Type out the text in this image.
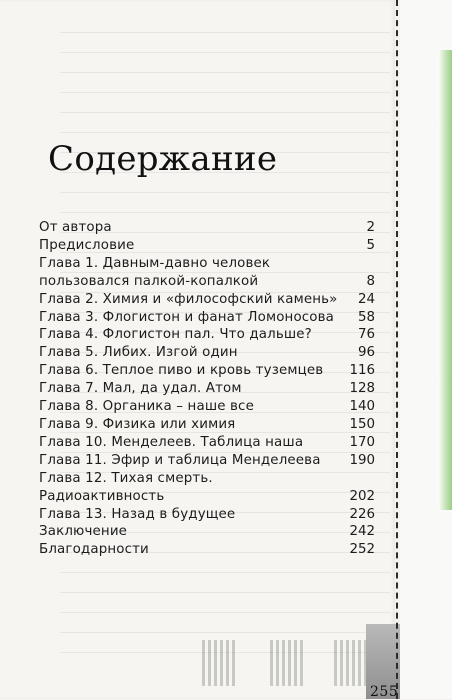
Содержание
От автора	2
Предисловие	5
Глава 1. Давным-давно человек пользовался палкой-копалкой	8
Глава 2. Химия и «философский камень» 24
Глава 3. Флогистон и фанат Ломоносова	58
Глава 4. Флогистон пал. Что дальше?	76
Глава 5. Либих. Изгой один	96
Глава 6. Теплое пиво и кровь туземцев	116
Глава 7. Мал, да удал. Атом	128
Глава 8. Органика – наше все	140
Глава 9. Физика или химия	150
Глава 10. Менделеев. Таблица наша	170
Глава 11. Эфир и таблица Менделеева	190
Глава 12. Тихая смерть. Радиоактивность	202
Глава 13. Назад в будущее	226
Заключение	242
Благодарности	252
255
